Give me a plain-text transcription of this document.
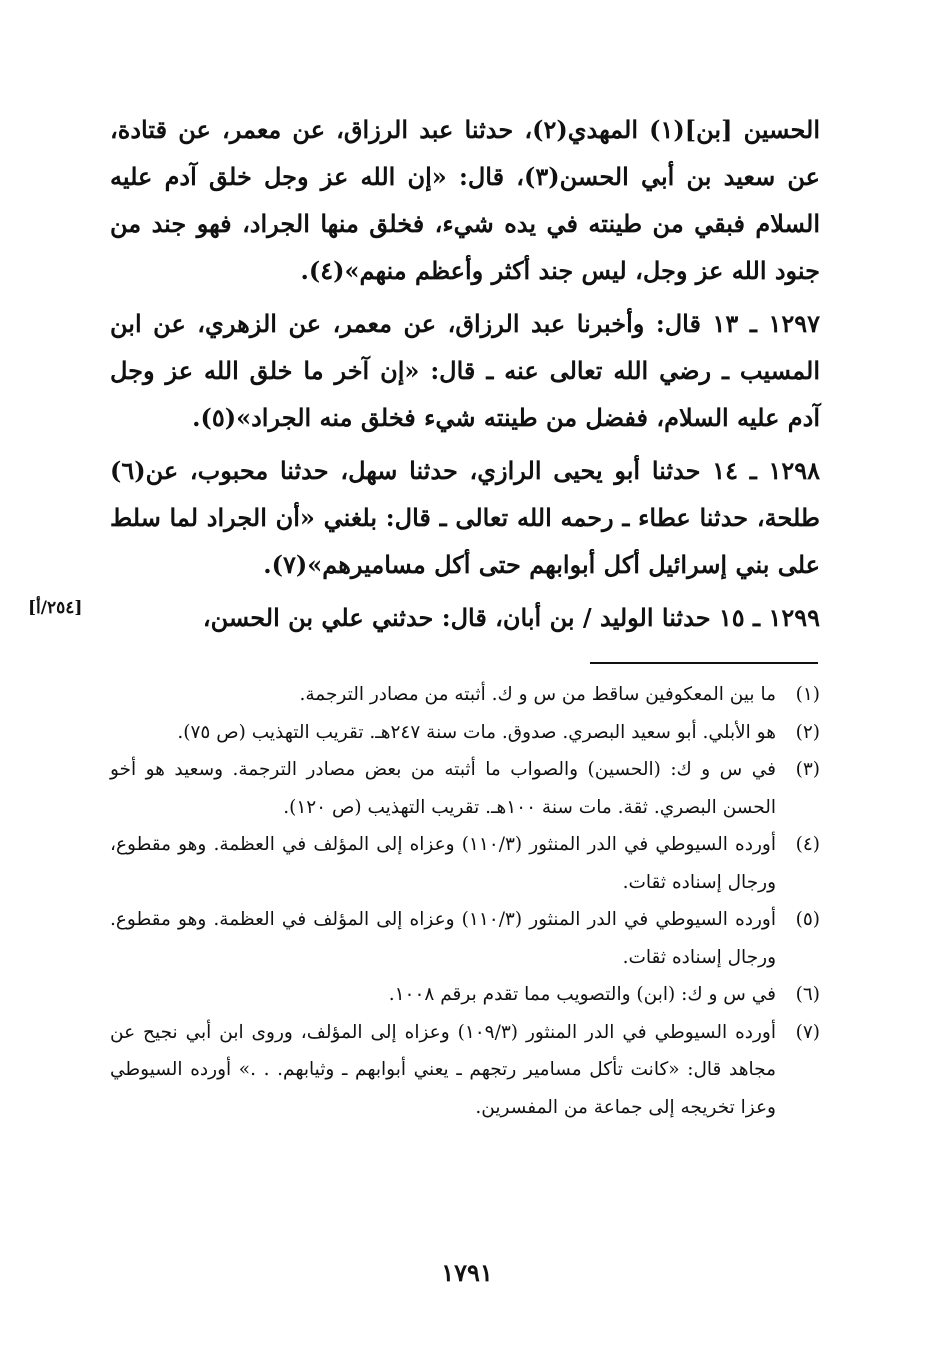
الحسين [بن](١) المهدي(٢)، حدثنا عبد الرزاق، عن معمر، عن قتادة، عن سعيد بن أبي الحسن(٣)، قال: «إن الله عز وجل خلق آدم عليه السلام فبقي من طينته في يده شيء، فخلق منها الجراد، فهو جند من جنود الله عز وجل، ليس جند أكثر وأعظم منهم»(٤).

١٢٩٧ ـ ١٣ قال: وأخبرنا عبد الرزاق، عن معمر، عن الزهري، عن ابن المسيب ـ رضي الله تعالى عنه ـ قال: «إن آخر ما خلق الله عز وجل آدم عليه السلام، ففضل من طينته شيء فخلق منه الجراد»(٥).

١٢٩٨ ـ ١٤ حدثنا أبو يحيى الرازي، حدثنا سهل، حدثنا محبوب، عن(٦) طلحة، حدثنا عطاء ـ رحمه الله تعالى ـ قال: بلغني «أن الجراد لما سلط على بني إسرائيل أكل أبوابهم حتى أكل مساميرهم»(٧).

١٢٩٩ ـ ١٥ حدثنا الوليد / بن أبان، قال: حدثني علي بن الحسن،

[٢٥٤/أ]
(١)
ما بين المعكوفين ساقط من س و ك. أثبته من مصادر الترجمة.
(٢)
هو الأبلي. أبو سعيد البصري. صدوق. مات سنة ٢٤٧هـ. تقريب التهذيب (ص ٧٥).
(٣)
في س و ك: (الحسين) والصواب ما أثبته من بعض مصادر الترجمة. وسعيد هو أخو الحسن البصري. ثقة. مات سنة ١٠٠هـ. تقريب التهذيب (ص ١٢٠).
(٤)
أورده السيوطي في الدر المنثور (١١٠/٣) وعزاه إلى المؤلف في العظمة. وهو مقطوع، ورجال إسناده ثقات.
(٥)
أورده السيوطي في الدر المنثور (١١٠/٣) وعزاه إلى المؤلف في العظمة. وهو مقطوع. ورجال إسناده ثقات.
(٦)
في س و ك: (ابن) والتصويب مما تقدم برقم ١٠٠٨.
(٧)
أورده السيوطي في الدر المنثور (١٠٩/٣) وعزاه إلى المؤلف، وروى ابن أبي نجيح عن مجاهد قال: «كانت تأكل مسامير رتجهم ـ يعني أبوابهم ـ وثيابهم. . .» أورده السيوطي وعزا تخريجه إلى جماعة من المفسرين.
١٧٩١
